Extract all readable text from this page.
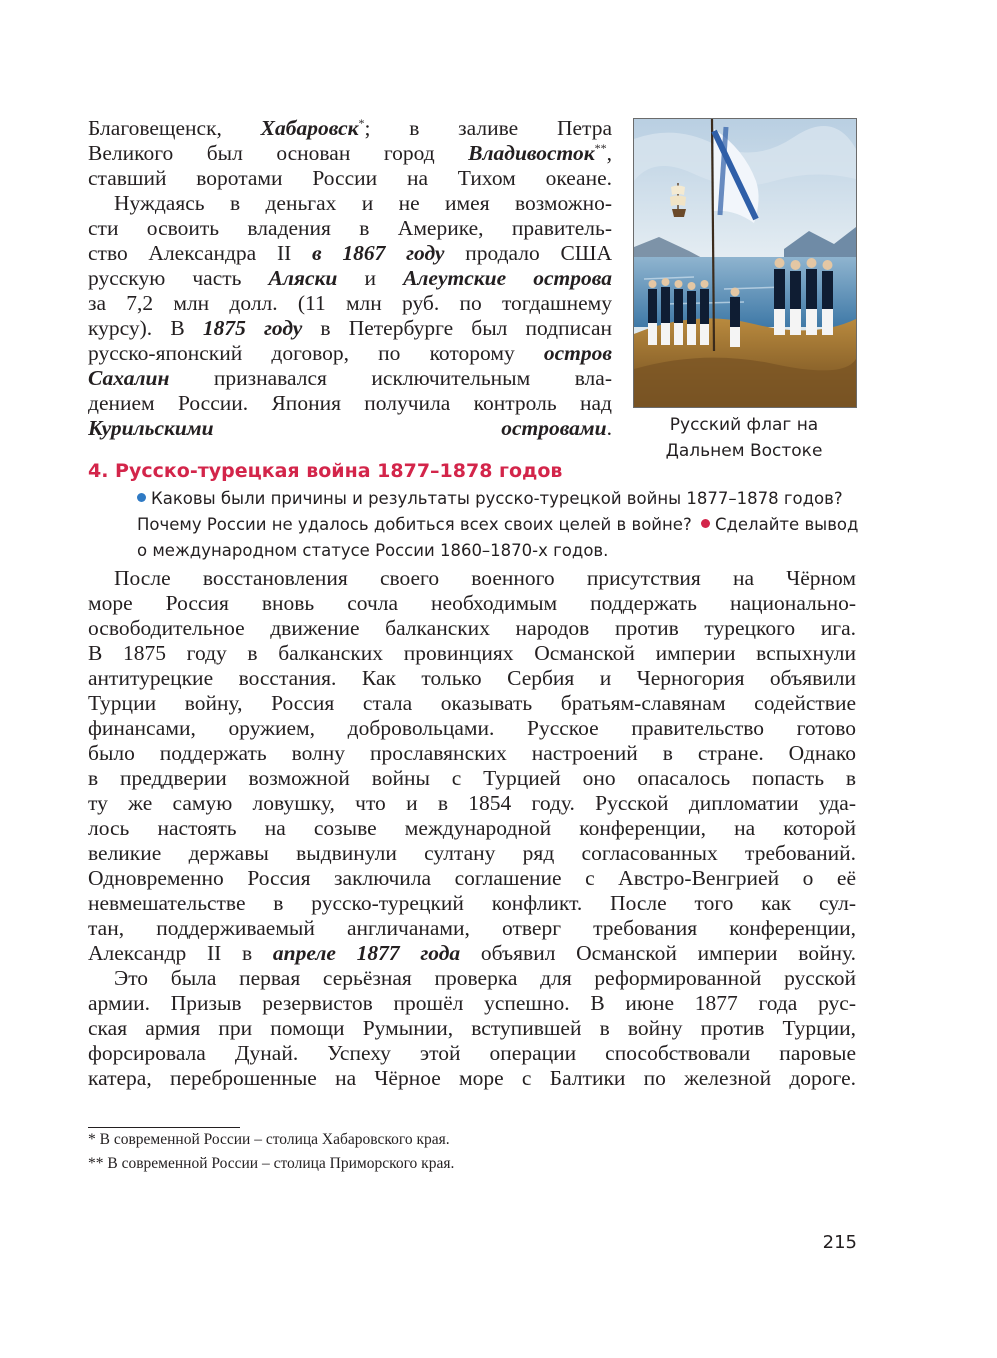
Благовещенск, Хабаровск*; в заливе Петра
Великого был основан город Владивосток**,
ставший воротами России на Тихом океане.
Нуждаясь в деньгах и не имея возможно-
сти освоить владения в Америке, правитель-
ство Александра II в 1867 году продало США
русскую часть Аляски и Алеутские острова
за 7,2 млн долл. (11 млн руб. по тогдашнему
курсу). В 1875 году в Петербурге был подписан
русско-японский договор, по которому остров
Сахалин признавался исключительным вла-
дением России. Япония получила контроль над
Курильскими островами.	Русский флаг на
Дальнем Востоке
4. Русско-турецкая война 1877–1878 годов
Каковы были причины и результаты русско-турецкой войны 1877–1878 годов?
Почему России не удалось добиться всех своих целей в войне? Сделайте вывод
о международном статусе России 1860–1870-х годов.
После восстановления своего военного присутствия на Чёрном
море Россия вновь сочла необходимым поддержать национально-
освободительное движение балканских народов против турецкого ига.
В 1875 году в балканских провинциях Османской империи вспыхнули
антитурецкие восстания. Как только Сербия и Черногория объявили
Турции войну, Россия стала оказывать братьям-славянам содействие
финансами, оружием, добровольцами. Русское правительство готово
было поддержать волну прославянских настроений в стране. Однако
в преддверии возможной войны с Турцией оно опасалось попасть в
ту же самую ловушку, что и в 1854 году. Русской дипломатии уда-
лось настоять на созыве международной конференции, на которой
великие державы выдвинули султану ряд согласованных требований.
Одновременно Россия заключила соглашение с Австро-Венгрией о её
невмешательстве в русско-турецкий конфликт. После того как сул-
тан, поддерживаемый англичанами, отверг требования конференции,
Александр II в апреле 1877 года объявил Османской империи войну.
Это была первая серьёзная проверка для реформированной русской
армии. Призыв резервистов прошёл успешно. В июне 1877 года рус-
ская армия при помощи Румынии, вступившей в войну против Турции,
форсировала Дунай. Успеху этой операции способствовали паровые
катера, переброшенные на Чёрное море с Балтики по железной дороге.
* В современной России – столица Хабаровского края.
** В современной России – столица Приморского края.
215
